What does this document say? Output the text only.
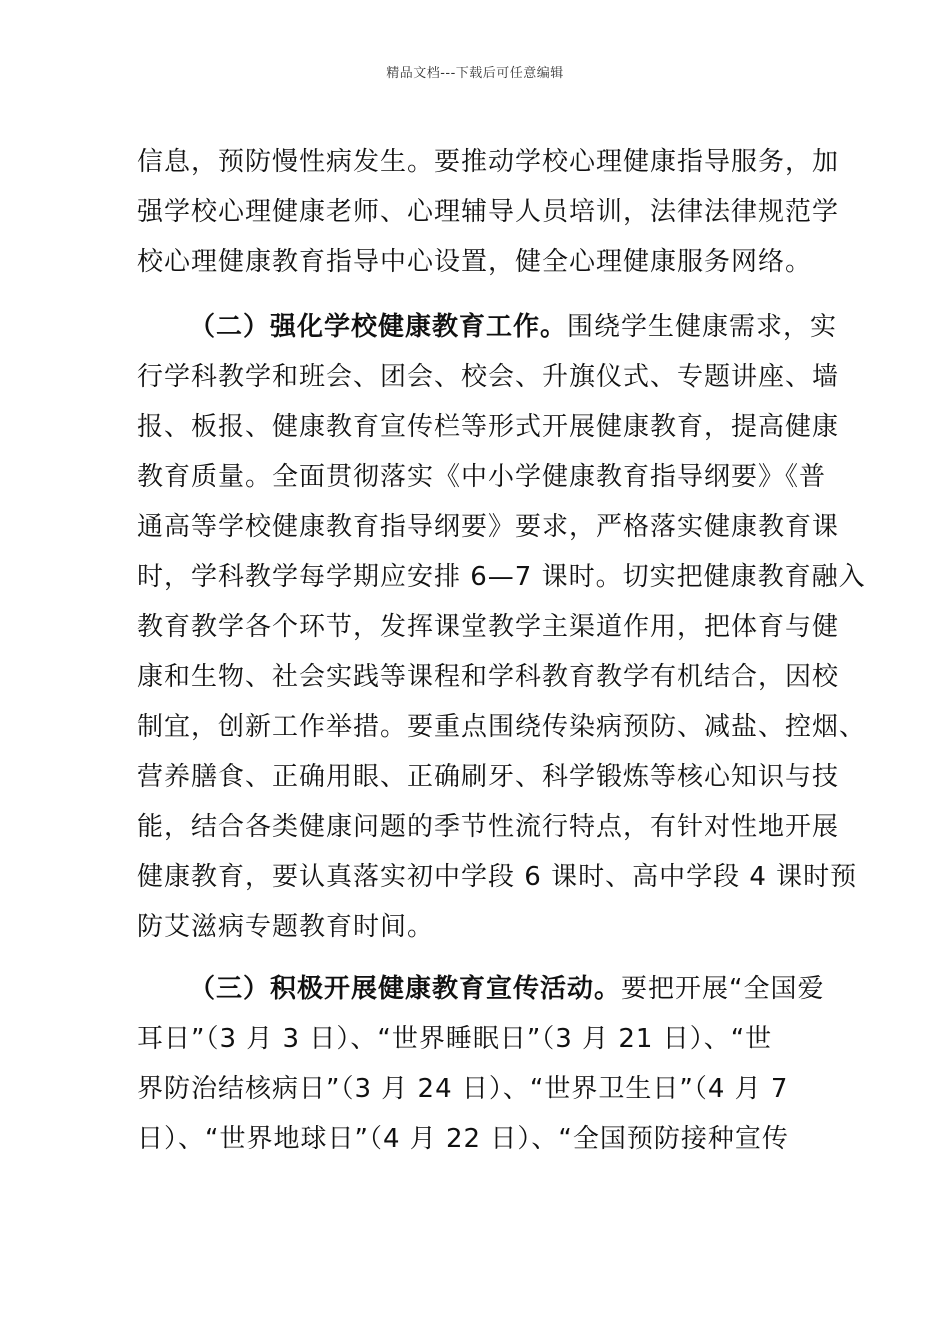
精品文档---下载后可任意编辑
信息，预防慢性病发生。要推动学校心理健康指导服务，加
强学校心理健康老师、心理辅导人员培训，法律法律规范学
校心理健康教育指导中心设置，健全心理健康服务网络。
（二）强化学校健康教育工作。围绕学生健康需求，实
行学科教学和班会、团会、校会、升旗仪式、专题讲座、墙
报、板报、健康教育宣传栏等形式开展健康教育，提高健康
教育质量。全面贯彻落实《中小学健康教育指导纲要》《普
通高等学校健康教育指导纲要》要求，严格落实健康教育课
时，学科教学每学期应安排 6—7 课时。切实把健康教育融入
教育教学各个环节，发挥课堂教学主渠道作用，把体育与健
康和生物、社会实践等课程和学科教育教学有机结合，因校
制宜，创新工作举措。要重点围绕传染病预防、减盐、控烟、
营养膳食、正确用眼、正确刷牙、科学锻炼等核心知识与技
能，结合各类健康问题的季节性流行特点，有针对性地开展
健康教育，要认真落实初中学段 6 课时、高中学段 4 课时预
防艾滋病专题教育时间。
（三）积极开展健康教育宣传活动。要把开展“全国爱
耳日”（3 月 3 日）、“世界睡眠日”（3 月 21 日）、“世
界防治结核病日”（3 月 24 日）、“世界卫生日”（4 月 7
日）、“世界地球日”（4 月 22 日）、“全国预防接种宣传
